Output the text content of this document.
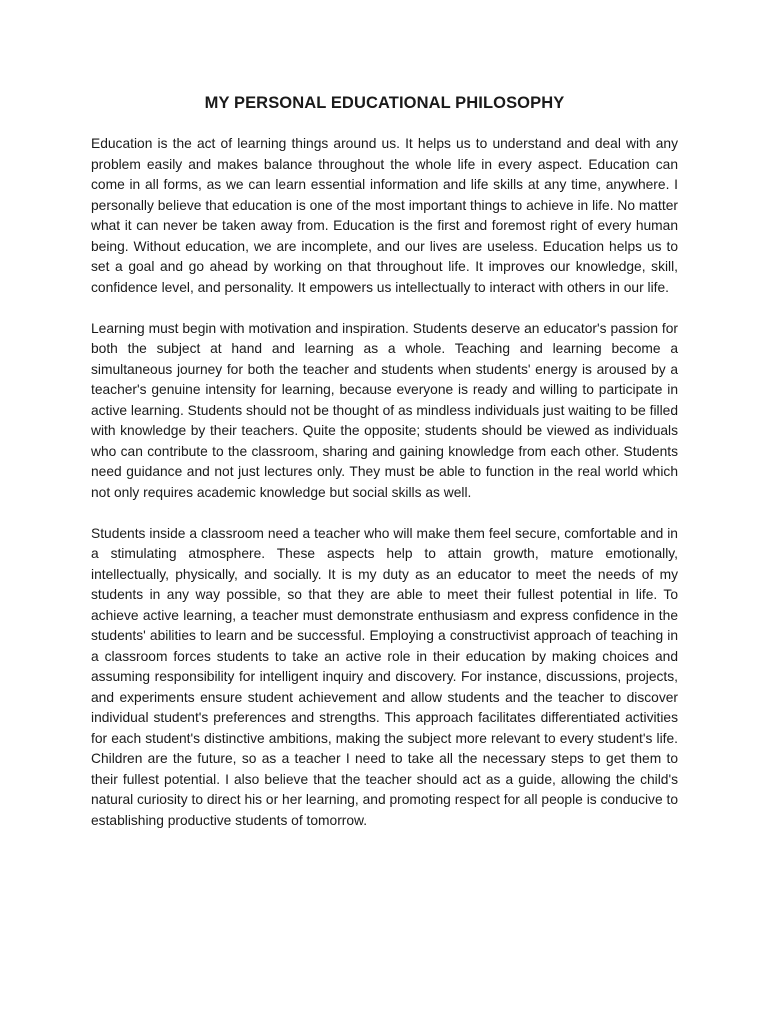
MY PERSONAL EDUCATIONAL PHILOSOPHY

Education is the act of learning things around us. It helps us to understand and deal with any problem easily and makes balance throughout the whole life in every aspect. Education can come in all forms, as we can learn essential information and life skills at any time, anywhere. I personally believe that education is one of the most important things to achieve in life. No matter what it can never be taken away from. Education is the first and foremost right of every human being. Without education, we are incomplete, and our lives are useless. Education helps us to set a goal and go ahead by working on that throughout life. It improves our knowledge, skill, confidence level, and personality. It empowers us intellectually to interact with others in our life.

Learning must begin with motivation and inspiration. Students deserve an educator's passion for both the subject at hand and learning as a whole. Teaching and learning become a simultaneous journey for both the teacher and students when students' energy is aroused by a teacher's genuine intensity for learning, because everyone is ready and willing to participate in active learning. Students should not be thought of as mindless individuals just waiting to be filled with knowledge by their teachers. Quite the opposite; students should be viewed as individuals who can contribute to the classroom, sharing and gaining knowledge from each other. Students need guidance and not just lectures only. They must be able to function in the real world which not only requires academic knowledge but social skills as well.

Students inside a classroom need a teacher who will make them feel secure, comfortable and in a stimulating atmosphere. These aspects help to attain growth, mature emotionally, intellectually, physically, and socially. It is my duty as an educator to meet the needs of my students in any way possible, so that they are able to meet their fullest potential in life. To achieve active learning, a teacher must demonstrate enthusiasm and express confidence in the students' abilities to learn and be successful. Employing a constructivist approach of teaching in a classroom forces students to take an active role in their education by making choices and assuming responsibility for intelligent inquiry and discovery. For instance, discussions, projects, and experiments ensure student achievement and allow students and the teacher to discover individual student's preferences and strengths. This approach facilitates differentiated activities for each student's distinctive ambitions, making the subject more relevant to every student's life. Children are the future, so as a teacher I need to take all the necessary steps to get them to their fullest potential. I also believe that the teacher should act as a guide, allowing the child's natural curiosity to direct his or her learning, and promoting respect for all people is conducive to establishing productive students of tomorrow.
